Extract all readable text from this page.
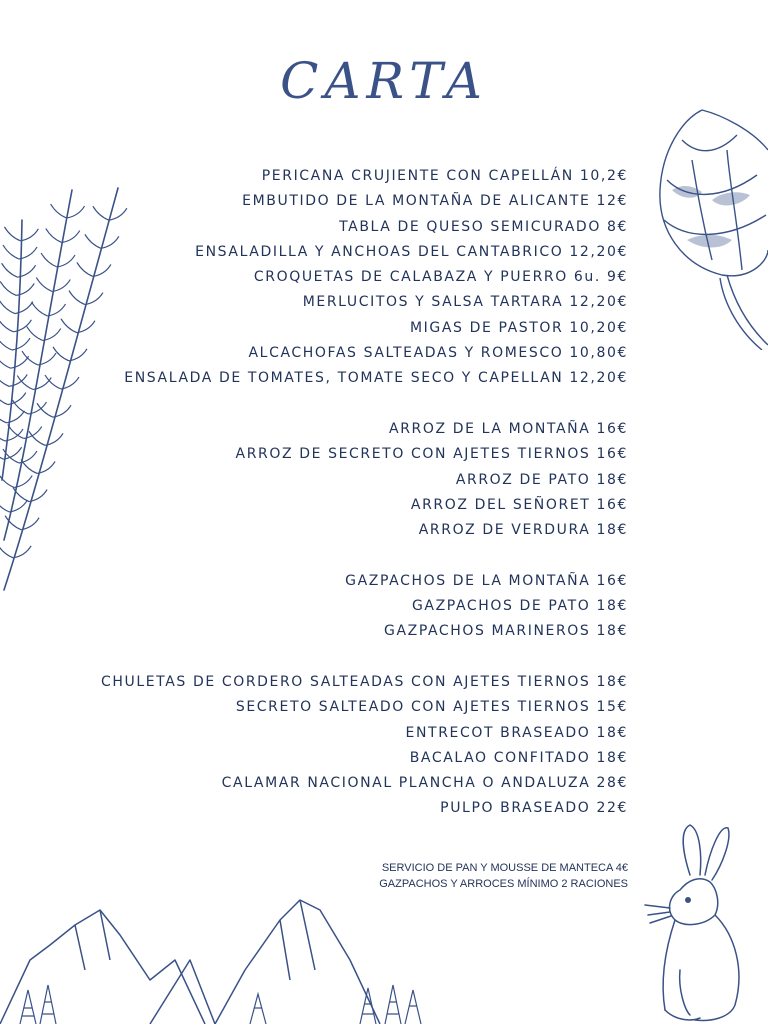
CARTA
PERICANA CRUJIENTE CON CAPELLÁN 10,2€
EMBUTIDO DE LA MONTAÑA DE ALICANTE 12€
TABLA DE QUESO SEMICURADO 8€
ENSALADILLA Y ANCHOAS DEL CANTABRICO 12,20€
CROQUETAS DE CALABAZA Y PUERRO 6u. 9€
MERLUCITOS Y SALSA TARTARA 12,20€
MIGAS DE PASTOR 10,20€
ALCACHOFAS SALTEADAS Y ROMESCO 10,80€
ENSALADA DE TOMATES, TOMATE SECO Y CAPELLAN 12,20€
ARROZ DE LA MONTAÑA 16€
ARROZ DE SECRETO CON AJETES TIERNOS 16€
ARROZ DE PATO 18€
ARROZ DEL SEÑORET 16€
ARROZ DE VERDURA 18€
GAZPACHOS DE LA MONTAÑA 16€
GAZPACHOS DE PATO 18€
GAZPACHOS MARINEROS 18€
CHULETAS DE CORDERO SALTEADAS CON AJETES TIERNOS 18€
SECRETO SALTEADO CON AJETES TIERNOS 15€
ENTRECOT BRASEADO 18€
BACALAO CONFITADO 18€
CALAMAR NACIONAL PLANCHA O ANDALUZA 28€
PULPO BRASEADO 22€
SERVICIO DE PAN Y MOUSSE DE MANTECA 4€
GAZPACHOS Y ARROCES MÍNIMO 2 RACIONES
